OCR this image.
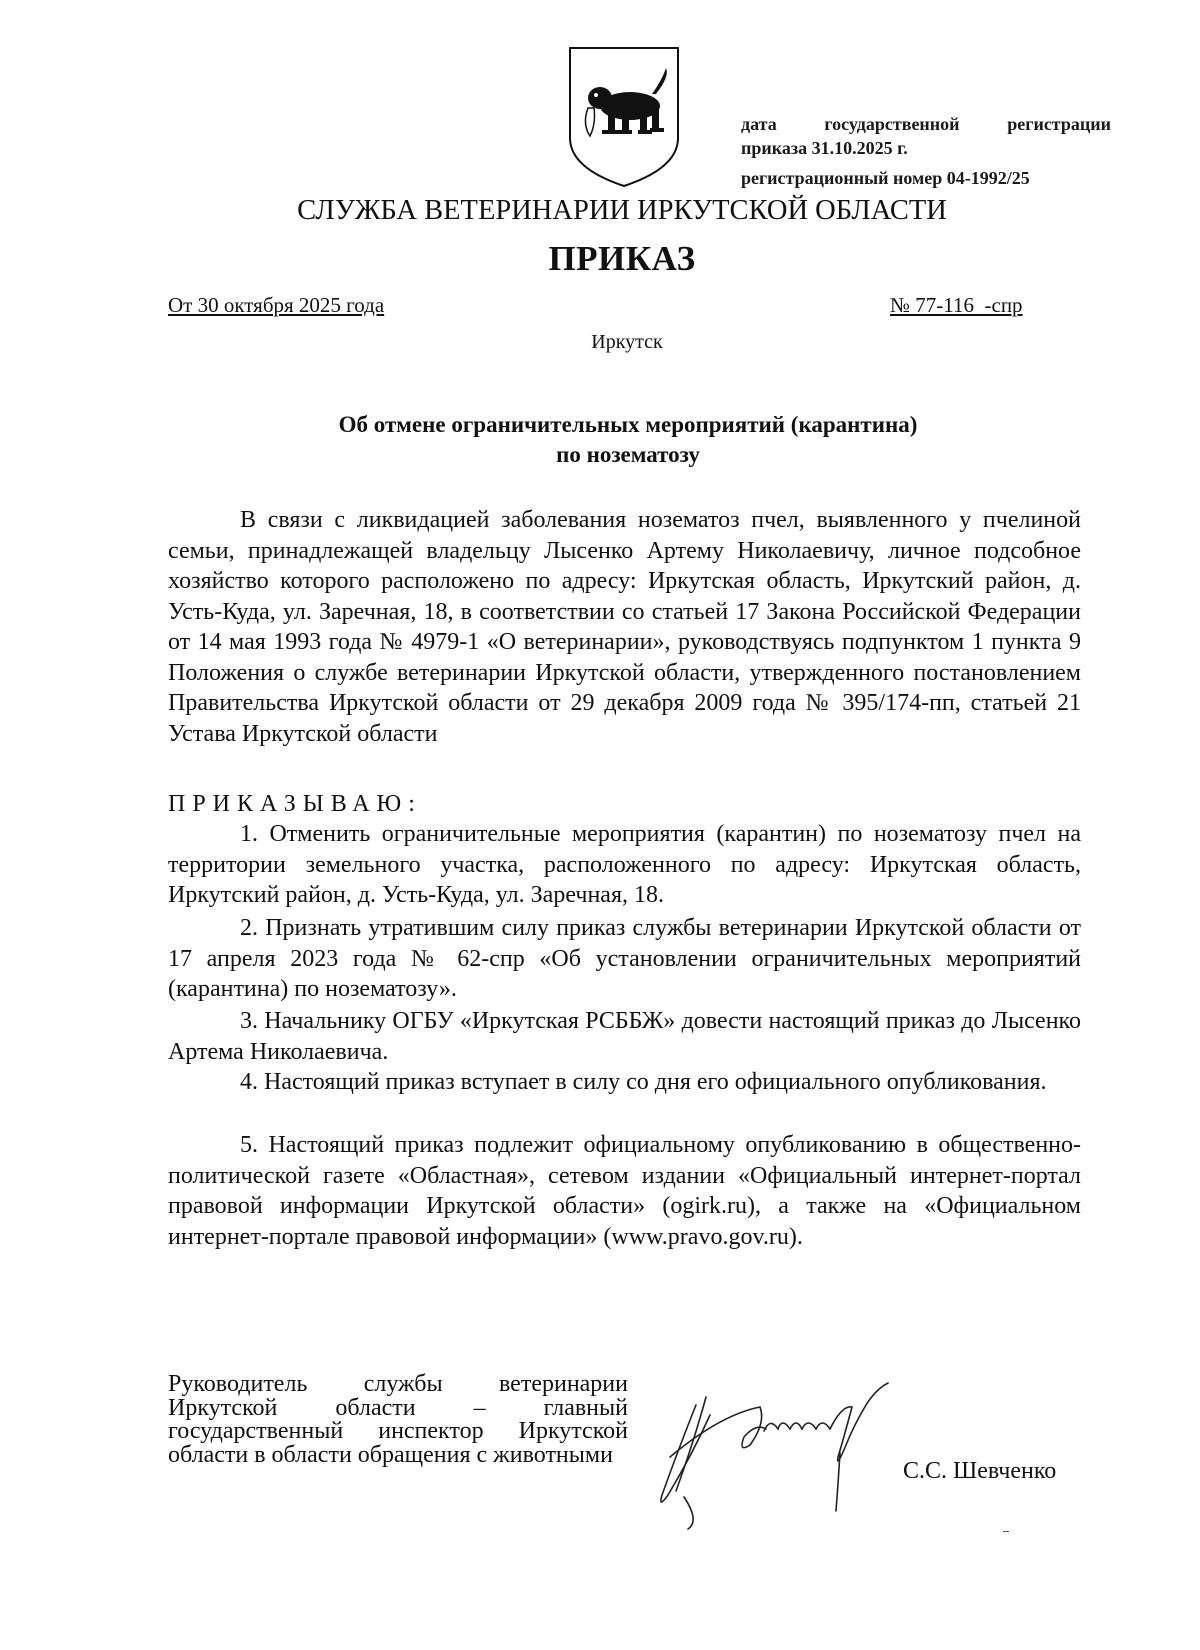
дата государственной регистрации
приказа 31.10.2025 г.
регистрационный номер 04-1992/25
СЛУЖБА ВЕТЕРИНАРИИ ИРКУТСКОЙ ОБЛАСТИ
ПРИКАЗ
От 30 октября 2025 года	№ 77-116  -спр
Иркутск
Об отмене ограничительных мероприятий (карантина)
по нозематозу
В связи с ликвидацией заболевания нозематоз пчел, выявленного у пчелиной семьи, принадлежащей владельцу Лысенко Артему Николаевичу, личное подсобное хозяйство которого расположено по адресу: Иркутская область, Иркутский район, д. Усть-Куда, ул. Заречная, 18, в соответствии со статьей 17 Закона Российской Федерации от 14 мая 1993 года № 4979-1 «О ветеринарии», руководствуясь подпунктом 1 пункта 9 Положения о службе ветеринарии Иркутской области, утвержденного постановлением Правительства Иркутской области от 29 декабря 2009 года № 395/174-пп, статьей 21 Устава Иркутской области
ПРИКАЗЫВАЮ:
1. Отменить ограничительные мероприятия (карантин) по нозематозу пчел на территории земельного участка, расположенного по адресу: Иркутская область, Иркутский район, д. Усть-Куда, ул. Заречная, 18.
2. Признать утратившим силу приказ службы ветеринарии Иркутской области от 17 апреля 2023 года № 62-спр «Об установлении ограничительных мероприятий (карантина) по нозематозу».
3. Начальнику ОГБУ «Иркутская РСББЖ» довести настоящий приказ до Лысенко Артема Николаевича.
4. Настоящий приказ вступает в силу со дня его официального опубликования.
5. Настоящий приказ подлежит официальному опубликованию в общественно-политической газете «Областная», сетевом издании «Официальный интернет-портал правовой информации Иркутской области» (ogirk.ru), а также на «Официальном интернет-портале правовой информации» (www.pravo.gov.ru).
Руководитель службы ветеринарии Иркутской области – главный государственный инспектор Иркутской области в области обращения с животными
С.С. Шевченко
